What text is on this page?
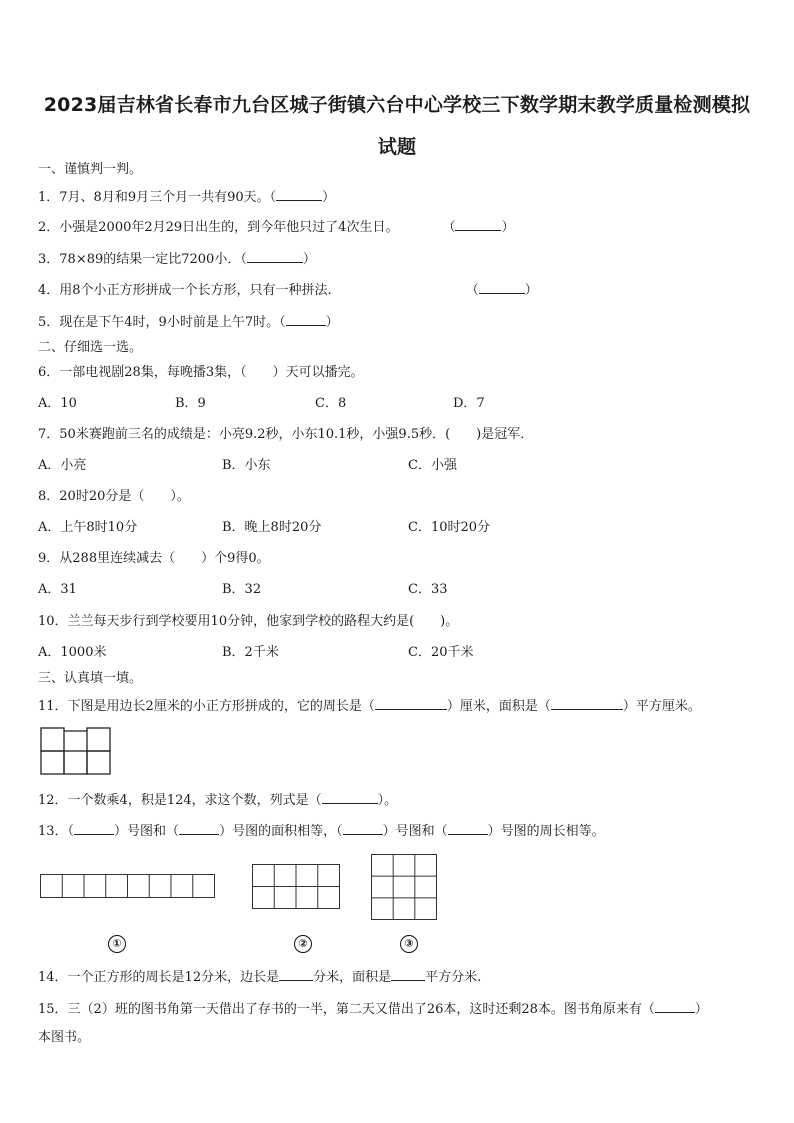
2023届吉林省长春市九台区城子街镇六台中心学校三下数学期末教学质量检测模拟试题
一、谨慎判一判。
1．7月、8月和9月三个月一共有90天。（	）
2．小强是2000年2月29日出生的，到今年他只过了4次生日。	（	）
3．78×89的结果一定比7200小．（	）
4．用8个小正方形拼成一个长方形，只有一种拼法.	（	）
5．现在是下午4时，9小时前是上午7时。（	）
二、仔细选一选。
6．一部电视剧28集，每晚播3集，（　　）天可以播完。
A．10	B．9	C．8	D．7
7．50米赛跑前三名的成绩是：小亮9.2秒，小东10.1秒，小强9.5秒．(　　)是冠军．
A．小亮	B．小东	C．小强
8．20时20分是（　　）。
A．上午8时10分	B．晚上8时20分	C．10时20分
9．从288里连续减去（　　）个9得0。
A．31	B．32	C．33
10．兰兰每天步行到学校要用10分钟，他家到学校的路程大约是(　　)。
A．1000米	B．2千米	C．20千米
三、认真填一填。
11．下图是用边长2厘米的小正方形拼成的，它的周长是（	）厘米，面积是（	）平方厘米。
12．一个数乘4，积是124，求这个数，列式是（	）。
13．（	）号图和（	）号图的面积相等，（	）号图和（	）号图的周长相等。
①	②	③
14．一个正方形的周长是12分米，边长是	分米，面积是	平方分米.
15．三（2）班的图书角第一天借出了存书的一半，第二天又借出了26本，这时还剩28本。图书角原来有（	）
本图书。
